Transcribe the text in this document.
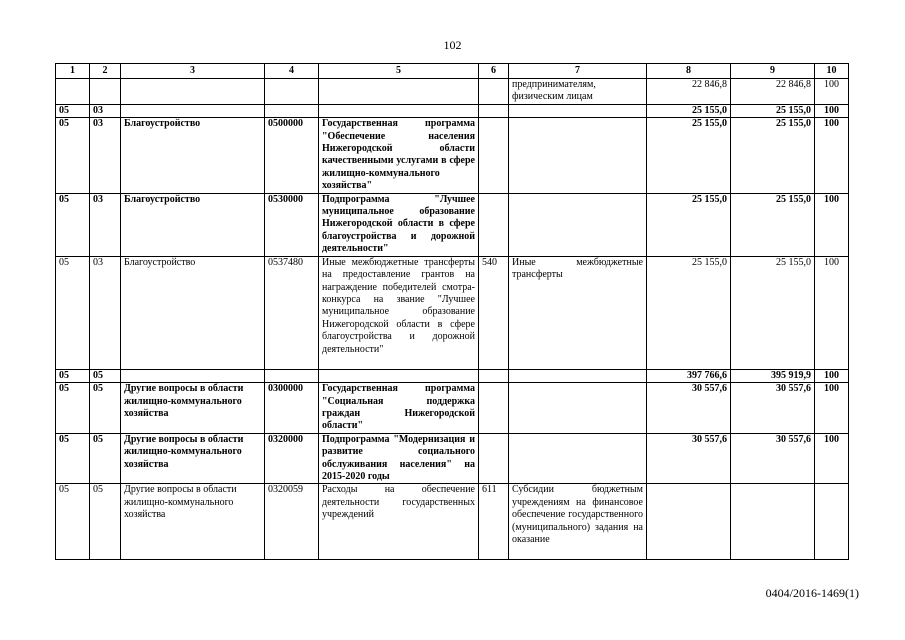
102
1	2	3	4	5	6	7	8	9	10
						предпринимателям, физическим лицам	22 846,8	22 846,8	100
05	03						25 155,0	25 155,0	100
05	03	Благоустройство	0500000	Государственная программа "Обеспечение населения Нижегородской области качественными услугами в сфере жилищно-коммунального хозяйства"			25 155,0	25 155,0	100
05	03	Благоустройство	0530000	Подпрограмма "Лучшее муниципальное образование Нижегородской области в сфере благоустройства и дорожной деятельности"			25 155,0	25 155,0	100
05	03	Благоустройство	0537480	Иные межбюджетные трансферты на предоставление грантов на награждение победителей смотра-конкурса на звание "Лучшее муниципальное образование Нижегородской области в сфере благоустройства и дорожной деятельности"	540	Иные межбюджетные трансферты	25 155,0	25 155,0	100
05	05						397 766,6	395 919,9	100
05	05	Другие вопросы в области жилищно-коммунального хозяйства	0300000	Государственная программа "Социальная поддержка граждан Нижегородской области"			30 557,6	30 557,6	100
05	05	Другие вопросы в области жилищно-коммунального хозяйства	0320000	Подпрограмма "Модернизация и развитие социального обслуживания населения" на 2015-2020 годы			30 557,6	30 557,6	100
05	05	Другие вопросы в области жилищно-коммунального хозяйства	0320059	Расходы на обеспечение деятельности государственных учреждений	611	Субсидии бюджетным учреждениям на финансовое обеспечение государственного (муниципального) задания на оказание			
0404/2016-1469(1)
